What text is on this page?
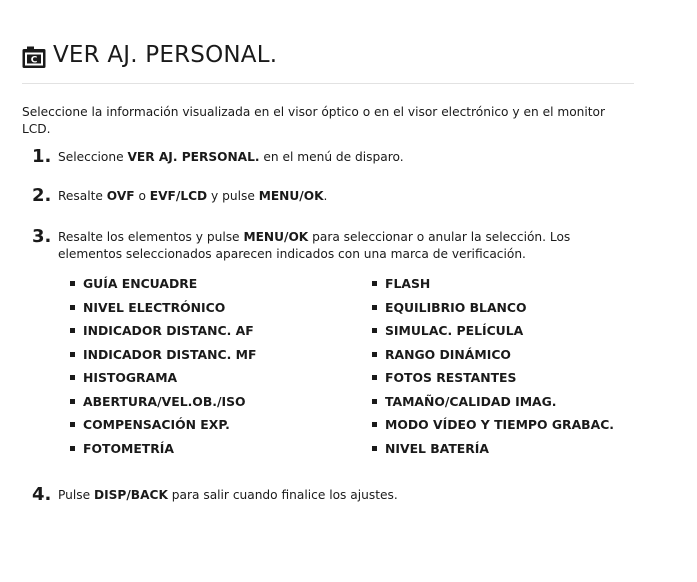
C VER AJ. PERSONAL.

Seleccione la información visualizada en el visor óptico o en el visor electrónico y en el monitor LCD.

1. Seleccione VER AJ. PERSONAL. en el menú de disparo.
2. Resalte OVF o EVF/LCD y pulse MENU/OK.
3. Resalte los elementos y pulse MENU/OK para seleccionar o anular la selección. Los elementos seleccionados aparecen indicados con una marca de verificación.
GUÍA ENCUADRE
NIVEL ELECTRÓNICO
INDICADOR DISTANC. AF
INDICADOR DISTANC. MF
HISTOGRAMA
ABERTURA/VEL.OB./ISO
COMPENSACIÓN EXP.
FOTOMETRÍA
FLASH
EQUILIBRIO BLANCO
SIMULAC. PELÍCULA
RANGO DINÁMICO
FOTOS RESTANTES
TAMAÑO/CALIDAD IMAG.
MODO VÍDEO Y TIEMPO GRABAC.
NIVEL BATERÍA
4. Pulse DISP/BACK para salir cuando finalice los ajustes.
